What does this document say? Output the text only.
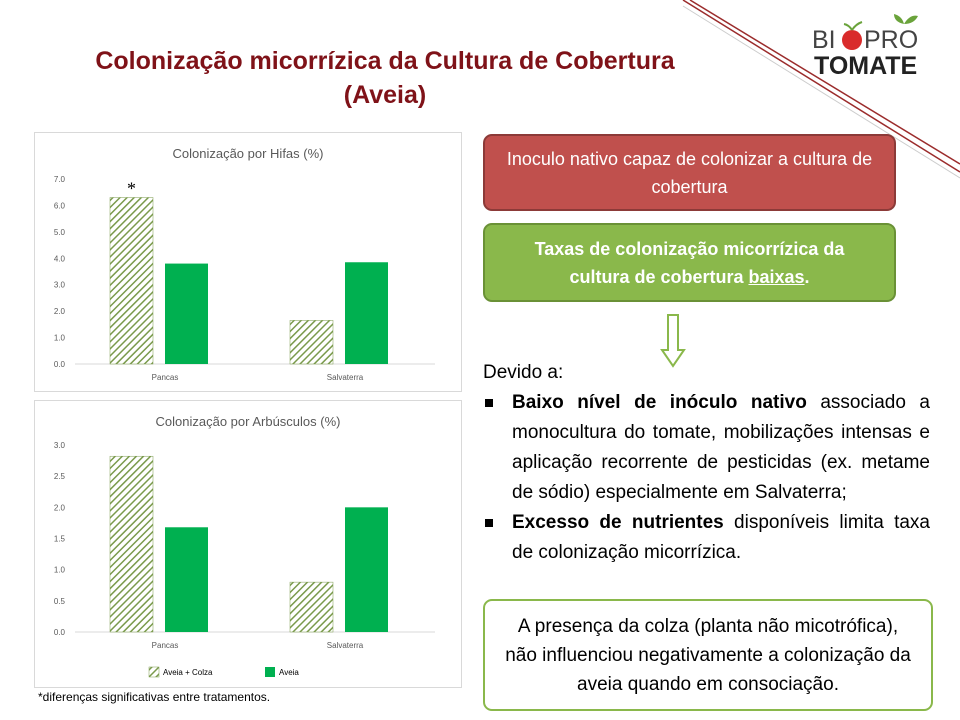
BI PRO
TOMATE
Colonização micorrízica da Cultura de Cobertura
(Aveia)
Colonização por Hifas (%)
0.0
1.0
2.0
3.0
4.0
5.0
6.0
7.0
Pancas	Salvaterra
*
Colonização por Arbúsculos (%)
0.0
0.5
1.0
1.5
2.0
2.5
3.0
Pancas	Salvaterra
Aveia + Colza	Aveia
*diferenças significativas entre tratamentos.
Inoculo nativo capaz de colonizar a cultura de cobertura
Taxas de colonização micorrízica da cultura de cobertura baixas.

Devido a:

Baixo nível de inóculo nativo associado a monocultura do tomate, mobilizações intensas e aplicação recorrente de pesticidas (ex. metame de sódio) especialmente em Salvaterra;

Excesso de nutrientes disponíveis limita taxa de colonização micorrízica.

A presença da colza (planta não micotrófica), não influenciou negativamente a colonização da aveia quando em consociação.
